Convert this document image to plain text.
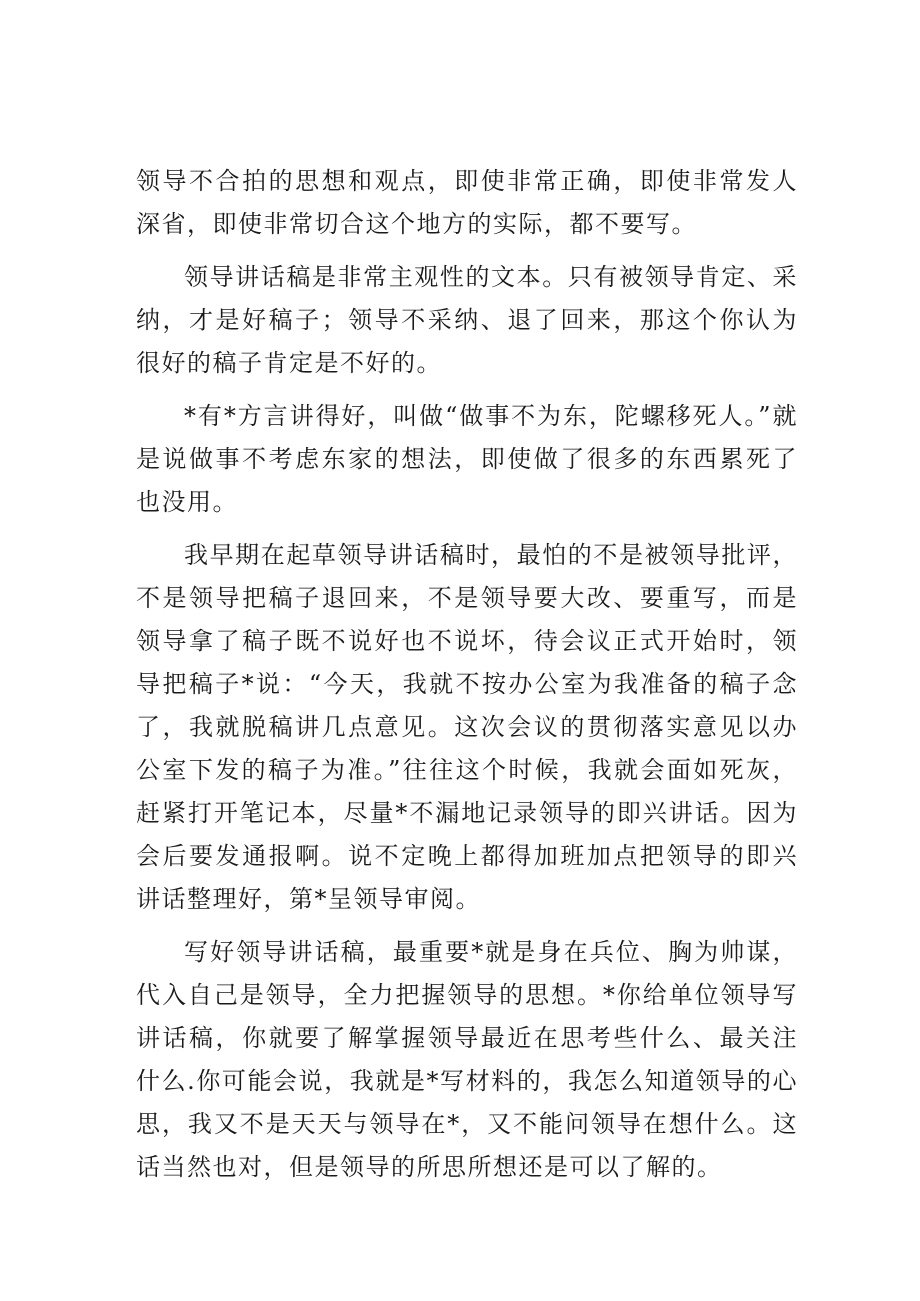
领导不合拍的思想和观点，即使非常正确，即使非常发人深省，即使非常切合这个地方的实际，都不要写。

领导讲话稿是非常主观性的文本。只有被领导肯定、采纳，才是好稿子；领导不采纳、退了回来，那这个你认为很好的稿子肯定是不好的。

*有*方言讲得好，叫做“做事不为东，陀螺移死人。”就是说做事不考虑东家的想法，即使做了很多的东西累死了也没用。

我早期在起草领导讲话稿时，最怕的不是被领导批评，不是领导把稿子退回来，不是领导要大改、要重写，而是领导拿了稿子既不说好也不说坏，待会议正式开始时，领导把稿子*说：“今天，我就不按办公室为我准备的稿子念了，我就脱稿讲几点意见。这次会议的贯彻落实意见以办公室下发的稿子为准。”往往这个时候，我就会面如死灰，赶紧打开笔记本，尽量*不漏地记录领导的即兴讲话。因为会后要发通报啊。说不定晚上都得加班加点把领导的即兴讲话整理好，第*呈领导审阅。

写好领导讲话稿，最重要*就是身在兵位、胸为帅谋，代入自己是领导，全力把握领导的思想。*你给单位领导写讲话稿，你就要了解掌握领导最近在思考些什么、最关注什么.你可能会说，我就是*写材料的，我怎么知道领导的心思，我又不是天天与领导在*，又不能问领导在想什么。这话当然也对，但是领导的所思所想还是可以了解的。
